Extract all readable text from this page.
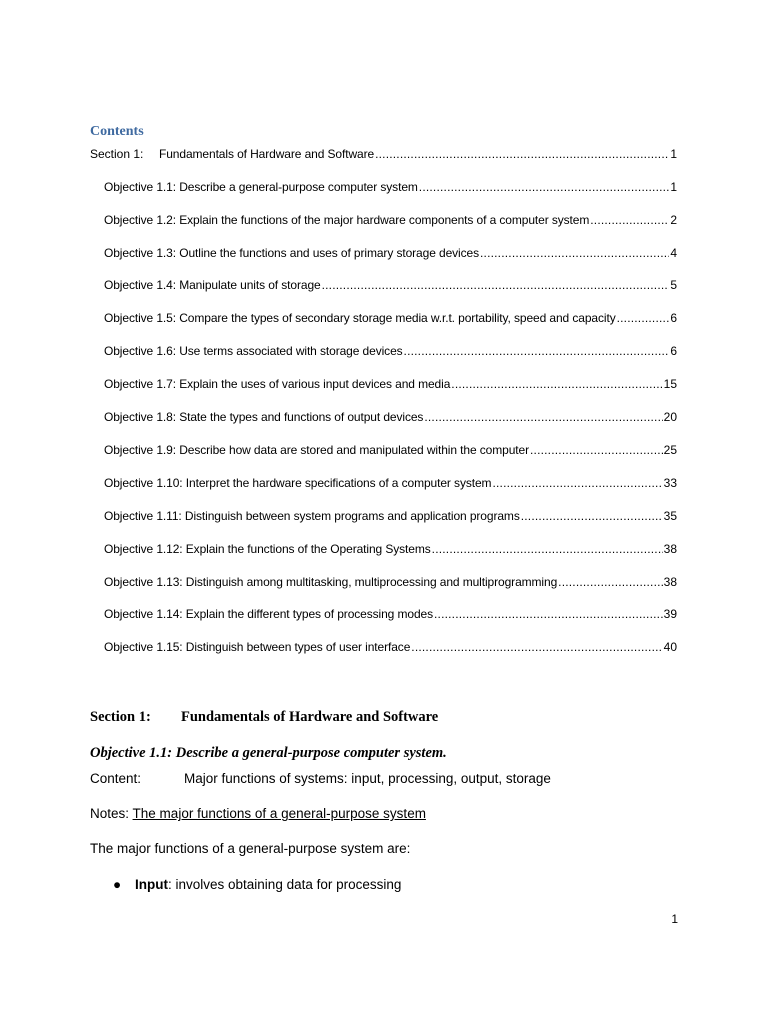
Contents
Section 1:	Fundamentals of Hardware and Software .....	1
Objective 1.1: Describe a general-purpose computer system .....	1
Objective 1.2: Explain the functions of the major hardware components of a computer system .....	2
Objective 1.3: Outline the functions and uses of primary storage devices .....	4
Objective 1.4: Manipulate units of storage .....	5
Objective 1.5: Compare the types of secondary storage media w.r.t. portability, speed and capacity .....	6
Objective 1.6: Use terms associated with storage devices .....	6
Objective 1.7: Explain the uses of various input devices and media .....	15
Objective 1.8: State the types and functions of output devices .....	20
Objective 1.9: Describe how data are stored and manipulated within the computer .....	25
Objective 1.10: Interpret the hardware specifications of a computer system .....	33
Objective 1.11: Distinguish between system programs and application programs .....	35
Objective 1.12: Explain the functions of the Operating Systems .....	38
Objective 1.13: Distinguish among multitasking, multiprocessing and multiprogramming .....	38
Objective 1.14: Explain the different types of processing modes .....	39
Objective 1.15: Distinguish between types of user interface .....	40
Section 1: Fundamentals of Hardware and Software
Objective 1.1: Describe a general-purpose computer system.
Content:	Major functions of systems: input, processing, output, storage
Notes: The major functions of a general-purpose system
The major functions of a general-purpose system are:
● Input: involves obtaining data for processing
1
